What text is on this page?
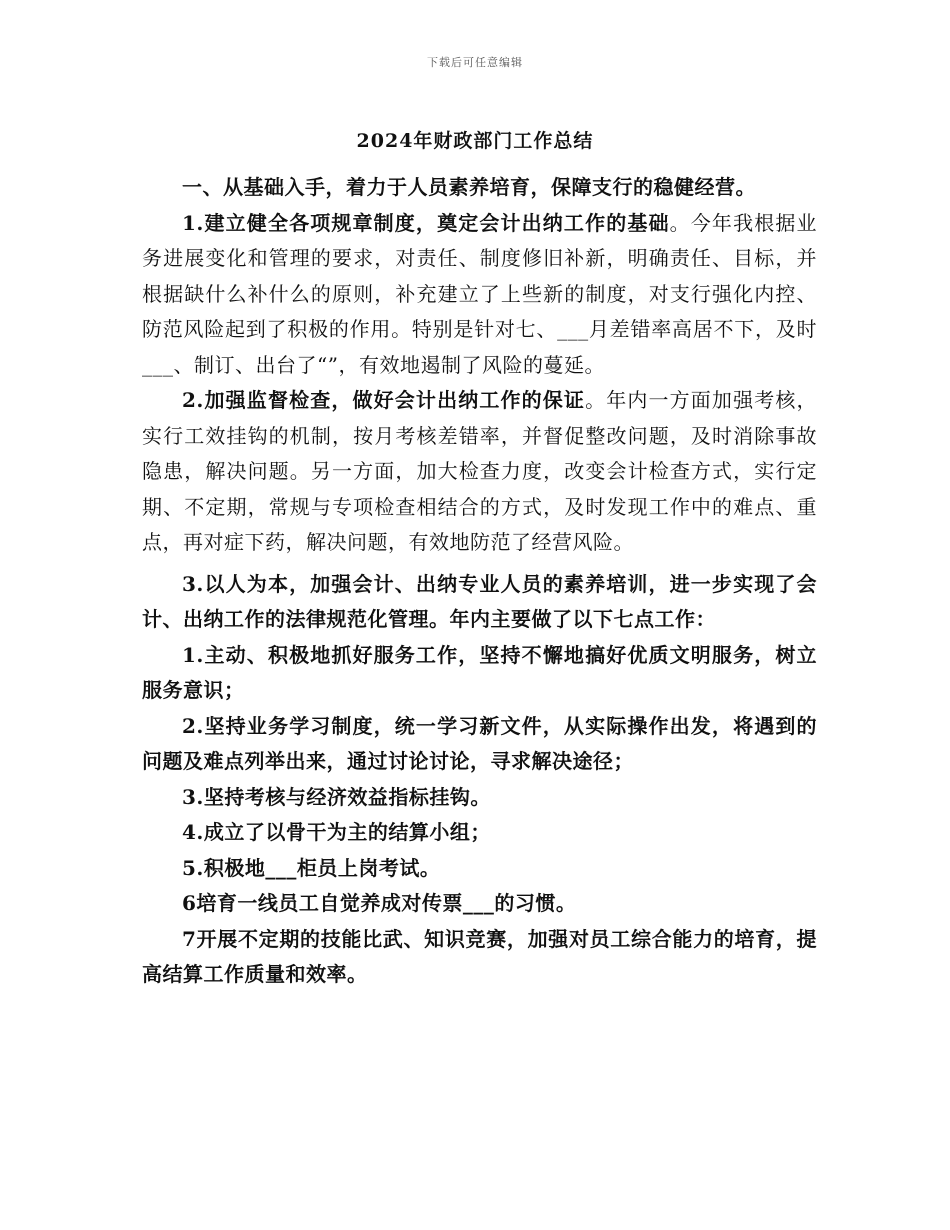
下载后可任意编辑
2024年财政部门工作总结

一、从基础入手，着力于人员素养培育，保障支行的稳健经营。

1.建立健全各项规章制度，奠定会计出纳工作的基础。今年我根据业务进展变化和管理的要求，对责任、制度修旧补新，明确责任、目标，并根据缺什么补什么的原则，补充建立了上些新的制度，对支行强化内控、防范风险起到了积极的作用。特别是针对七、___月差错率高居不下，及时___、制订、出台了“”，有效地遏制了风险的蔓延。

2.加强监督检查，做好会计出纳工作的保证。年内一方面加强考核，实行工效挂钩的机制，按月考核差错率，并督促整改问题，及时消除事故隐患，解决问题。另一方面，加大检查力度，改变会计检查方式，实行定期、不定期，常规与专项检查相结合的方式，及时发现工作中的难点、重点，再对症下药，解决问题，有效地防范了经营风险。

3.以人为本，加强会计、出纳专业人员的素养培训，进一步实现了会计、出纳工作的法律规范化管理。年内主要做了以下七点工作：

1.主动、积极地抓好服务工作，坚持不懈地搞好优质文明服务，树立服务意识；

2.坚持业务学习制度，统一学习新文件，从实际操作出发，将遇到的问题及难点列举出来，通过讨论讨论，寻求解决途径；

3.坚持考核与经济效益指标挂钩。

4.成立了以骨干为主的结算小组；

5.积极地___柜员上岗考试。

6培育一线员工自觉养成对传票___的习惯。

7开展不定期的技能比武、知识竞赛，加强对员工综合能力的培育，提高结算工作质量和效率。
